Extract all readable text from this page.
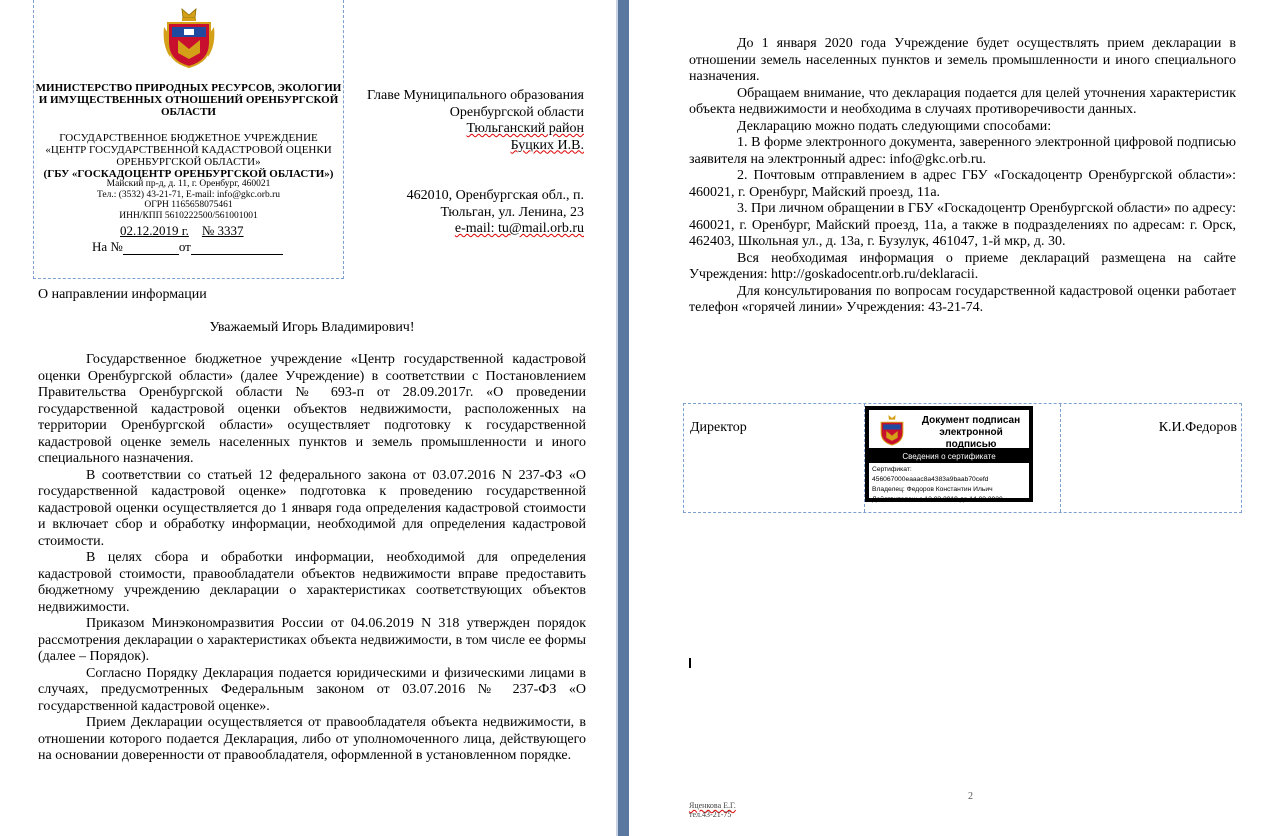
МИНИСТЕРСТВО ПРИРОДНЫХ РЕСУРСОВ, ЭКОЛОГИИ И ИМУЩЕСТВЕННЫХ ОТНОШЕНИЙ ОРЕНБУРГСКОЙ ОБЛАСТИ
ГОСУДАРСТВЕННОЕ БЮДЖЕТНОЕ УЧРЕЖДЕНИЕ
«ЦЕНТР ГОСУДАРСТВЕННОЙ КАДАСТРОВОЙ ОЦЕНКИ ОРЕНБУРГСКОЙ ОБЛАСТИ»

(ГБУ «ГОСКАДОЦЕНТР ОРЕНБУРГСКОЙ ОБЛАСТИ»)
Майский пр-д, д. 11, г. Оренбург, 460021
Тел.: (3532) 43-21-71, E-mail: info@gkc.orb.ru
ОГРН 1165658075461
ИНН/КПП 5610222500/561001001
02.12.2019 г. № 3337
На №	от
Главе Муниципального образования
Оренбургской области
Тюльганский район
Буцких И.В.
462010, Оренбургская обл., п.
Тюльган, ул. Ленина, 23
e-mail: tu@mail.orb.ru
О направлении информации
Уважаемый Игорь Владимирович!

Государственное бюджетное учреждение «Центр государственной кадастровой оценки Оренбургской области» (далее Учреждение) в соответствии с Постановлением Правительства Оренбургской области № 693-п от 28.09.2017г. «О проведении государственной кадастровой оценки объектов недвижимости, расположенных на территории Оренбургской области» осуществляет подготовку к государственной кадастровой оценке земель населенных пунктов и земель промышленности и иного специального назначения.

В соответствии со статьей 12 федерального закона от 03.07.2016 N 237-ФЗ «О государственной кадастровой оценке» подготовка к проведению государственной кадастровой оценки осуществляется до 1 января года определения кадастровой стоимости и включает сбор и обработку информации, необходимой для определения кадастровой стоимости.

В целях сбора и обработки информации, необходимой для определения кадастровой стоимости, правообладатели объектов недвижимости вправе предоставить бюджетному учреждению декларации о характеристиках соответствующих объектов недвижимости.

Приказом Минэкономразвития России от 04.06.2019 N 318 утвержден порядок рассмотрения декларации о характеристиках объекта недвижимости, в том числе ее формы (далее – Порядок).

Согласно Порядку Декларация подается юридическими и физическими лицами в случаях, предусмотренных Федеральным законом от 03.07.2016 № 237-ФЗ «О государственной кадастровой оценке».

Прием Декларации осуществляется от правообладателя объекта недвижимости, в отношении которого подается Декларация, либо от уполномоченного лица, действующего на основании доверенности от правообладателя, оформленной в установленном порядке.

До 1 января 2020 года Учреждение будет осуществлять прием декларации в отношении земель населенных пунктов и земель промышленности и иного специального назначения.

Обращаем внимание, что декларация подается для целей уточнения характеристик объекта недвижимости и необходима в случаях противоречивости данных.

Декларацию можно подать следующими способами:

1. В форме электронного документа, заверенного электронной цифровой подписью заявителя на электронный адрес: info@gkc.orb.ru.

2. Почтовым отправлением в адрес ГБУ «Госкадоцентр Оренбургской области»: 460021, г. Оренбург, Майский проезд, 11а.

3. При личном обращении в ГБУ «Госкадоцентр Оренбургской области» по адресу: 460021, г. Оренбург, Майский проезд, 11а, а также в подразделениях по адресам: г. Орск, 462403, Школьная ул., д. 13а, г. Бузулук, 461047, 1-й мкр, д. 30.

Вся необходимая информация о приеме деклараций размещена на сайте Учреждения: http://goskadocentr.orb.ru/deklaracii.

Для консультирования по вопросам государственной кадастровой оценки работает телефон «горячей линии» Учреждения: 43-21-74.

Директор	Документ подписан электронной подписью
Сведения о сертификате
Сертификат: 456067000eaaac8a4383a9baab70cefd
Владелец: Федоров Константин Ильич
Действителен: с 12.03.2019 до 14.03.2020
К.И.Федоров
2
Яценкова Е.Г.
тел.43-21-75
